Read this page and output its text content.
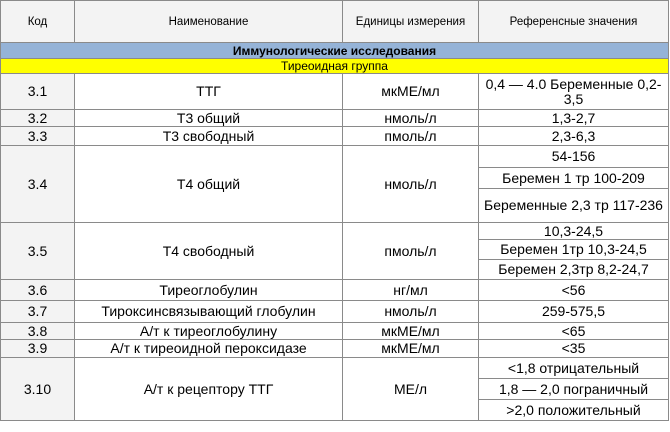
Код	Наименование	Единицы измерения	Референсные значения
Иммунологические исследования			
Тиреоидная группа			
3.1	ТТГ	мкМЕ/мл	0,4 — 4.0 Беременные 0,2-3,5
3.2	Т3 общий	нмоль/л	1,3-2,7
3.3	Т3 свободный	пмоль/л	2,3-6,3
3.4	Т4 общий	нмоль/л	54-156
			Беремен 1 тр 100-209
			Беременные 2,3 тр 117-236
3.5	Т4 свободный	пмоль/л	10,3-24,5
			Беремен 1тр 10,3-24,5
			Беремен 2,3тр 8,2-24,7
3.6	Тиреоглобулин	нг/мл	<56
3.7	Тироксинсвязывающий глобулин	нмоль/л	259-575,5
3.8	А/т к тиреоглобулину	мкМЕ/мл	<65
3.9	А/т к тиреоидной пероксидазе	мкМЕ/мл	<35
3.10	А/т к рецептору ТТГ	МЕ/л	<1,8 отрицательный
			1,8 — 2,0 пограничный
			>2,0 положительный
